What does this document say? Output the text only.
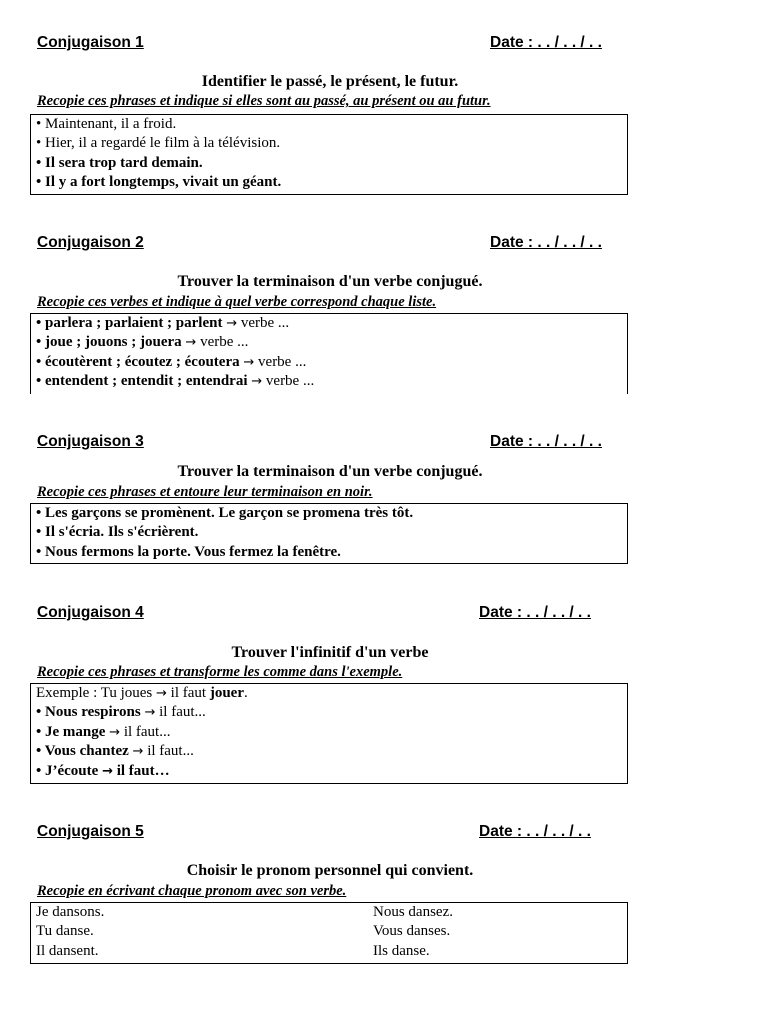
Conjugaison 1	Date : . . / . . / . .
Identifier le passé, le présent, le futur.
Recopie ces phrases et indique si elles sont au passé, au présent ou au futur.
• Maintenant, il a froid.
• Hier, il a regardé le film à la télévision.
• Il sera trop tard demain.
• Il y a fort longtemps, vivait un géant.
Conjugaison 2	Date : . . / . . / . .
Trouver la terminaison d'un verbe conjugué.
Recopie ces verbes et indique à quel verbe correspond chaque liste.
• parlera ; parlaient ; parlent → verbe ...
• joue ; jouons ; jouera → verbe ...
• écoutèrent ; écoutez ; écoutera → verbe ...
• entendent ; entendit ; entendrai → verbe ...
Conjugaison 3	Date : . . / . . / . .
Trouver la terminaison d'un verbe conjugué.
Recopie ces phrases et entoure leur terminaison en noir.
• Les garçons se promènent. Le garçon se promena très tôt.
• Il s'écria. Ils s'écrièrent.
• Nous fermons la porte. Vous fermez la fenêtre.
Conjugaison 4	Date : . . / . . / . .
Trouver l'infinitif d'un verbe
Recopie ces phrases et transforme les comme dans l'exemple.
Exemple : Tu joues → il faut jouer.
• Nous respirons → il faut...
• Je mange → il faut...
• Vous chantez → il faut...
• J’écoute → il faut…
Conjugaison 5	Date : . . / . . / . .
Choisir le pronom personnel qui convient.
Recopie en écrivant chaque pronom avec son verbe.
Je dansons.	Nous dansez.
Tu danse.	Vous danses.
Il dansent.	Ils danse.
